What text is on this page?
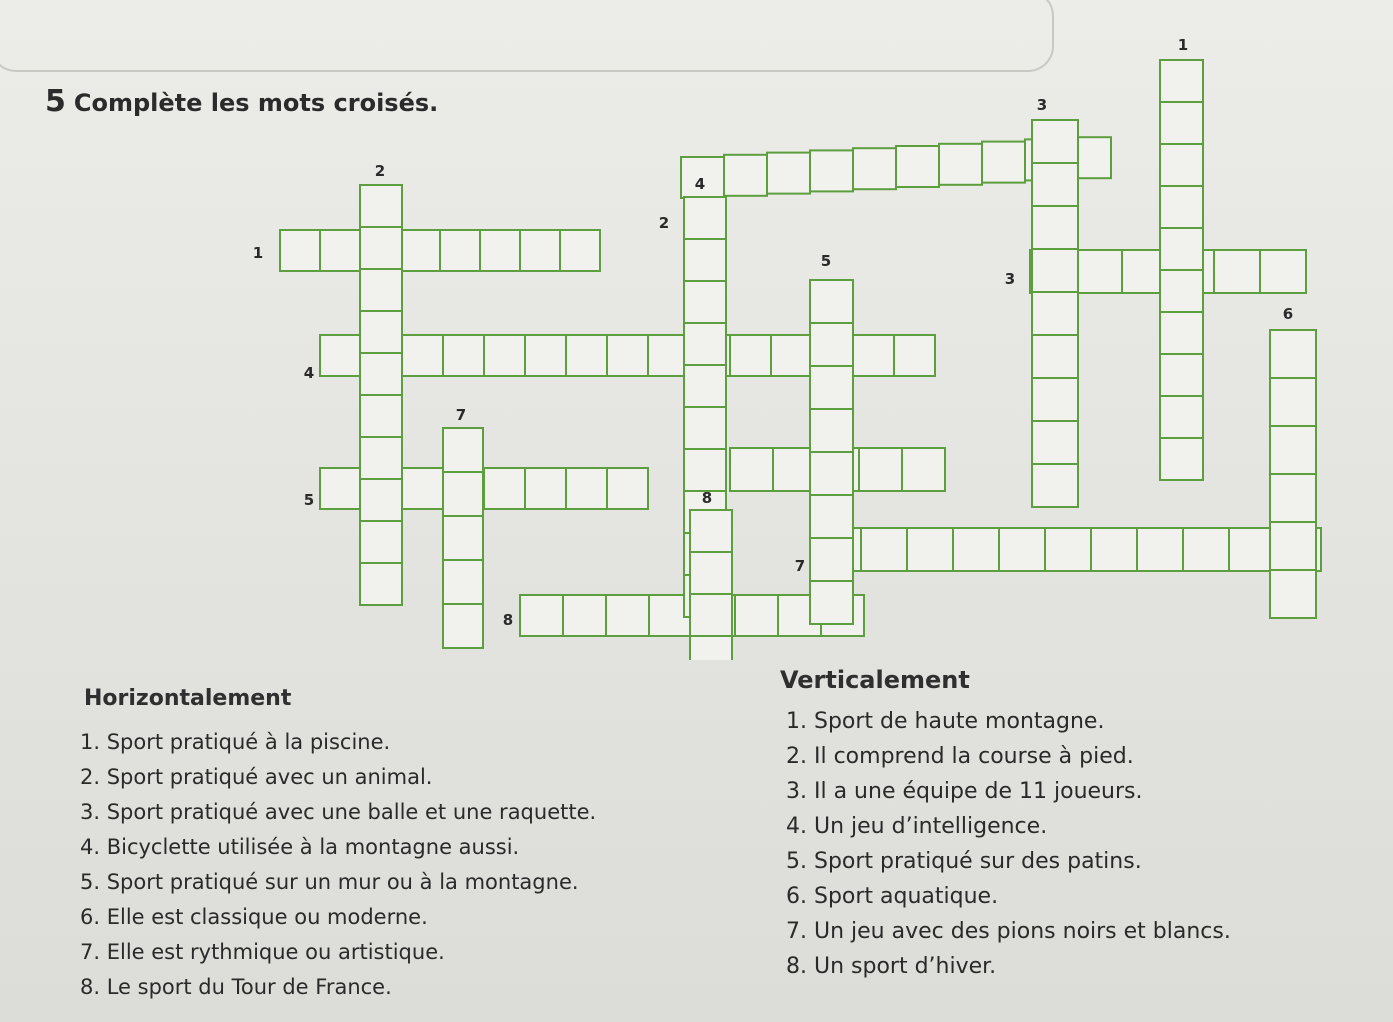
5 Complète les mots croisés.
1
2
3
4
5
7
8
1
2
3
4
5
6
7
8
Horizontalement
Verticalement
1. Sport pratiqué à la piscine.
2. Sport pratiqué avec un animal.
3. Sport pratiqué avec une balle et une raquette.
4. Bicyclette utilisée à la montagne aussi.
5. Sport pratiqué sur un mur ou à la montagne.
6. Elle est classique ou moderne.
7. Elle est rythmique ou artistique.
8. Le sport du Tour de France.
1. Sport de haute montagne.
2. Il comprend la course à pied.
3. Il a une équipe de 11 joueurs.
4. Un jeu d’intelligence.
5. Sport pratiqué sur des patins.
6. Sport aquatique.
7. Un jeu avec des pions noirs et blancs.
8. Un sport d’hiver.
